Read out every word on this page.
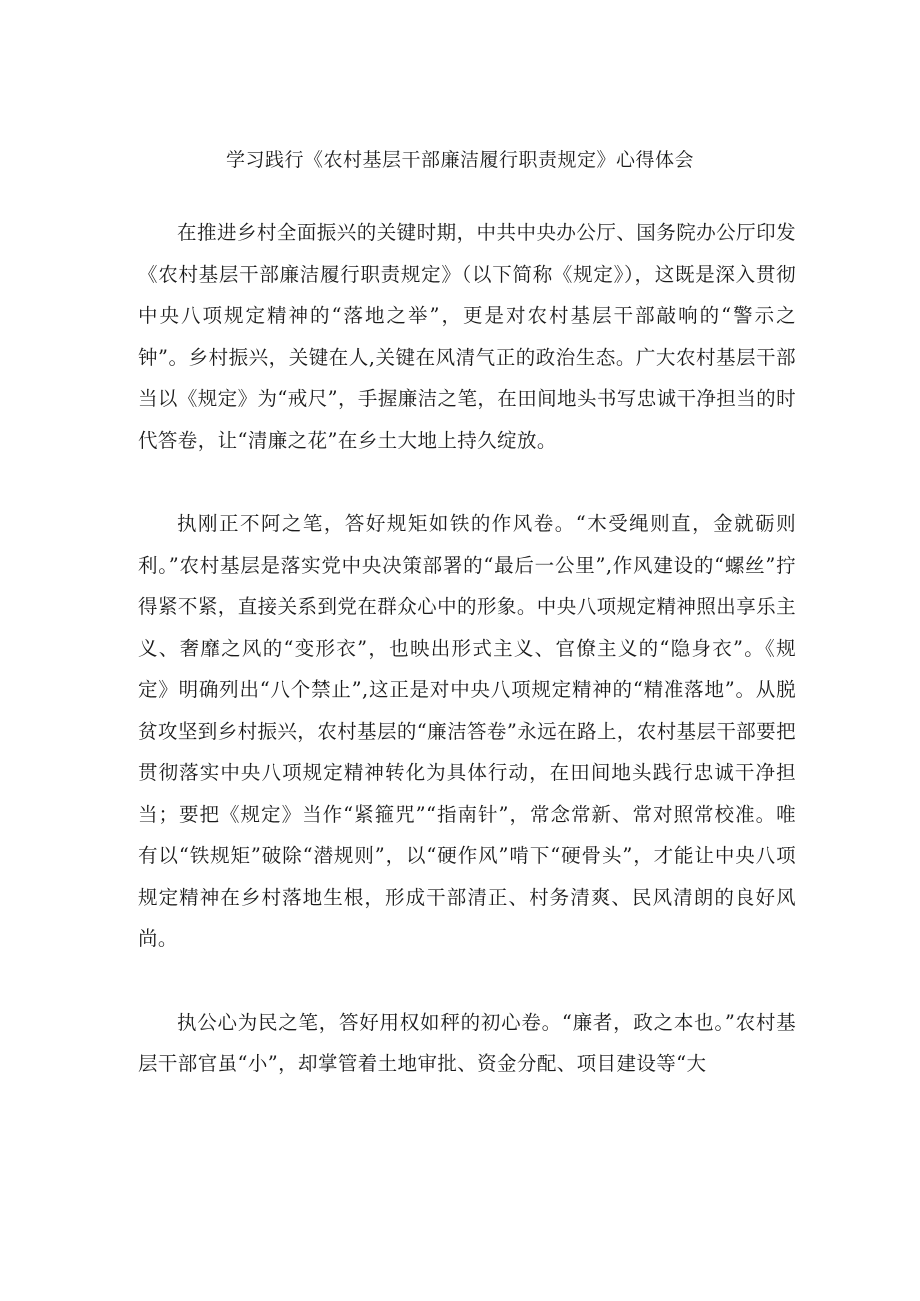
学习践行《农村基层干部廉洁履行职责规定》心得体会

在推进乡村全面振兴的关键时期，中共中央办公厅、国务院办公厅印发《农村基层干部廉洁履行职责规定》（以下简称《规定》），这既是深入贯彻中央八项规定精神的“落地之举”，更是对农村基层干部敲响的“警示之钟”。乡村振兴，关键在人,关键在风清气正的政治生态。广大农村基层干部当以《规定》为“戒尺”，手握廉洁之笔，在田间地头书写忠诚干净担当的时代答卷，让“清廉之花”在乡土大地上持久绽放。

执刚正不阿之笔，答好规矩如铁的作风卷。“木受绳则直，金就砺则利。”农村基层是落实党中央决策部署的“最后一公里”,作风建设的“螺丝”拧得紧不紧，直接关系到党在群众心中的形象。中央八项规定精神照出享乐主义、奢靡之风的“变形衣”，也映出形式主义、官僚主义的“隐身衣”。《规定》明确列出“八个禁止”,这正是对中央八项规定精神的“精准落地”。从脱贫攻坚到乡村振兴，农村基层的“廉洁答卷”永远在路上，农村基层干部要把贯彻落实中央八项规定精神转化为具体行动，在田间地头践行忠诚干净担当；要把《规定》当作“紧箍咒”“指南针”，常念常新、常对照常校准。唯有以“铁规矩”破除“潜规则”，以“硬作风”啃下“硬骨头”，才能让中央八项规定精神在乡村落地生根，形成干部清正、村务清爽、民风清朗的良好风尚。

执公心为民之笔，答好用权如秤的初心卷。“廉者，政之本也。”农村基层干部官虽“小”，却掌管着土地审批、资金分配、项目建设等“大
